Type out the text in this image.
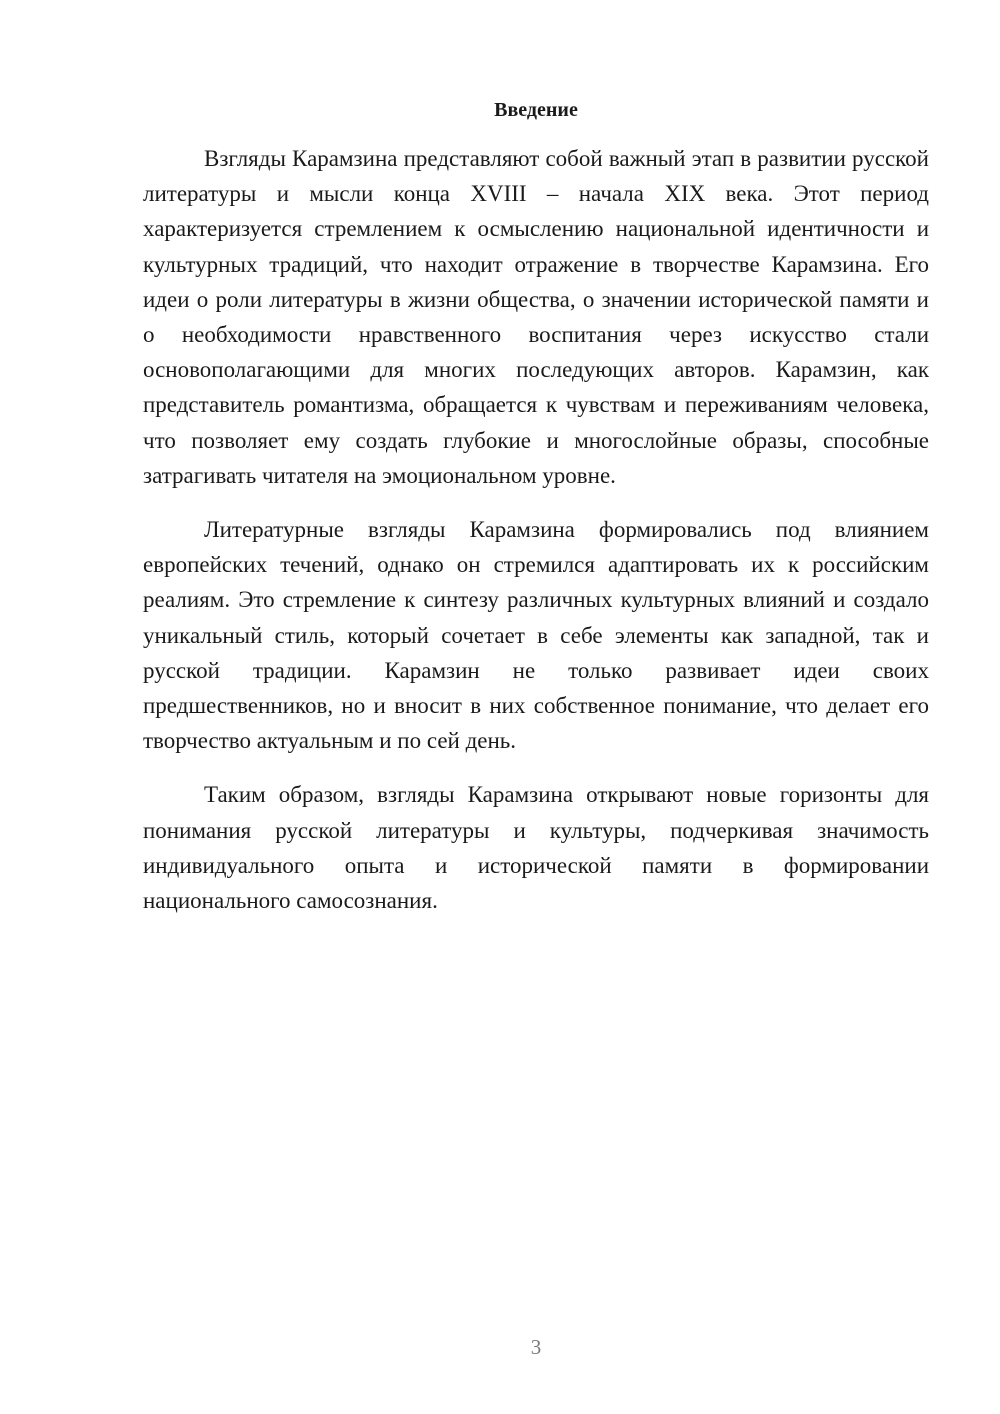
Введение

Взгляды Карамзина представляют собой важный этап в развитии русской литературы и мысли конца XVIII – начала XIX века. Этот период характеризуется стремлением к осмыслению национальной идентичности и культурных традиций, что находит отражение в творчестве Карамзина. Его идеи о роли литературы в жизни общества, о значении исторической памяти и о необходимости нравственного воспитания через искусство стали основополагающими для многих последующих авторов. Карамзин, как представитель романтизма, обращается к чувствам и переживаниям человека, что позволяет ему создать глубокие и многослойные образы, способные затрагивать читателя на эмоциональном уровне.

Литературные взгляды Карамзина формировались под влиянием европейских течений, однако он стремился адаптировать их к российским реалиям. Это стремление к синтезу различных культурных влияний и создало уникальный стиль, который сочетает в себе элементы как западной, так и русской традиции. Карамзин не только развивает идеи своих предшественников, но и вносит в них собственное понимание, что делает его творчество актуальным и по сей день.

Таким образом, взгляды Карамзина открывают новые горизонты для понимания русской литературы и культуры, подчеркивая значимость индивидуального опыта и исторической памяти в формировании национального самосознания.

3
